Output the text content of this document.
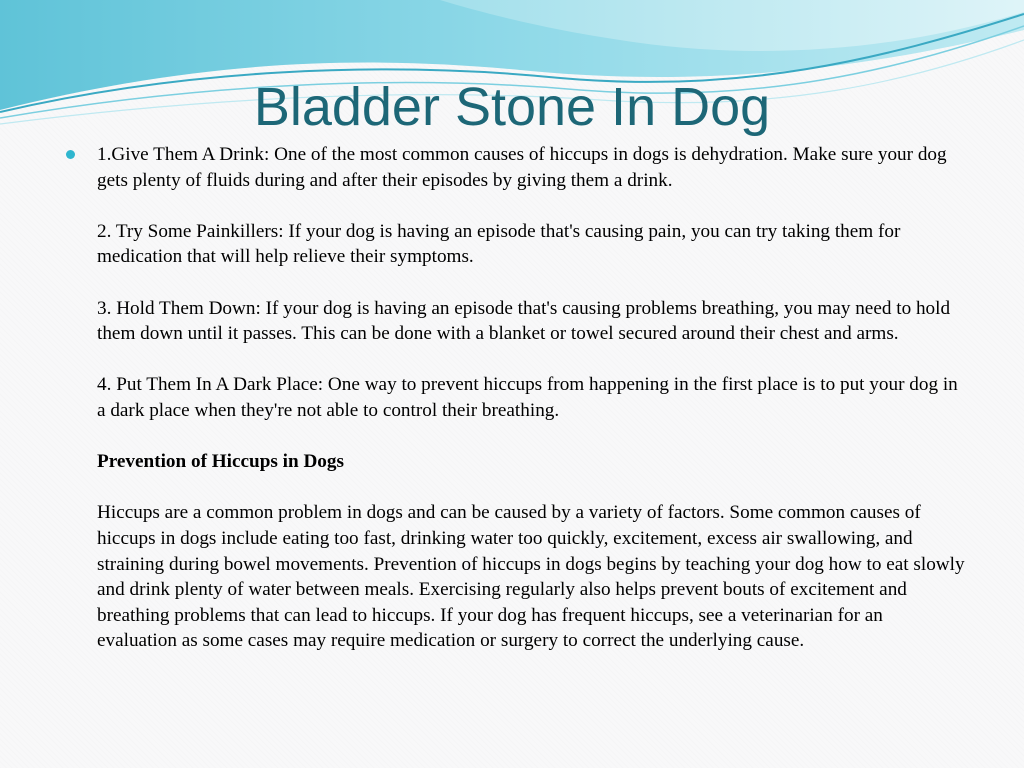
Bladder Stone In Dog

1.Give Them A Drink: One of the most common causes of hiccups in dogs is dehydration. Make sure your dog gets plenty of fluids during and after their episodes by giving them a drink.

2. Try Some Painkillers: If your dog is having an episode that's causing pain, you can try taking them for medication that will help relieve their symptoms.

3. Hold Them Down: If your dog is having an episode that's causing problems breathing, you may need to hold them down until it passes. This can be done with a blanket or towel secured around their chest and arms.

4. Put Them In A Dark Place: One way to prevent hiccups from happening in the first place is to put your dog in a dark place when they're not able to control their breathing.

Prevention of Hiccups in Dogs

Hiccups are a common problem in dogs and can be caused by a variety of factors. Some common causes of hiccups in dogs include eating too fast, drinking water too quickly, excitement, excess air swallowing, and straining during bowel movements. Prevention of hiccups in dogs begins by teaching your dog how to eat slowly and drink plenty of water between meals. Exercising regularly also helps prevent bouts of excitement and breathing problems that can lead to hiccups. If your dog has frequent hiccups, see a veterinarian for an evaluation as some cases may require medication or surgery to correct the underlying cause.
